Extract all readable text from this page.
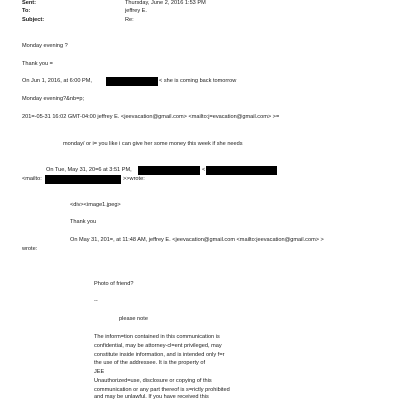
Sent:	Thursday, June 2, 2016 1:53 PM
To:	jeffrey E.
Subject:	Re:
Monday evening ?
Thank you =
On Jun 1, 2016, at 6:00 PM,	< she is coming back tomorrow
Monday evening?&nb=p;
201=-05-31 16:02 GMT-04:00 jeffrey E. <jeevacation@gmail.com> <mailto:j=evacation@gmail.com> >=
monday/ or i= you like i can give her some money this week if she needs
On Tue, May 31, 20=6 at 3:51 PM,	<
<mailto:	>>wrote:
<div><image1.jpeg>
Thank you
On May 31, 201=, at 11:48 AM, jeffrey E. <jeevacation@gmail.com <mailto:jeevacation@gmail.com> >
wrote:
Photo of friend?
--
please note
The inform=tion contained in this communication is
confidential, may be attorney-cl=ent privileged, may
constitute inside information, and is intended only f=r
the use of the addressee. It is the property of
JEE
Unauthorized=use, disclosure or copying of this
communication or any part thereof is s=rictly prohibited
and may be unlawful. If you have received this
